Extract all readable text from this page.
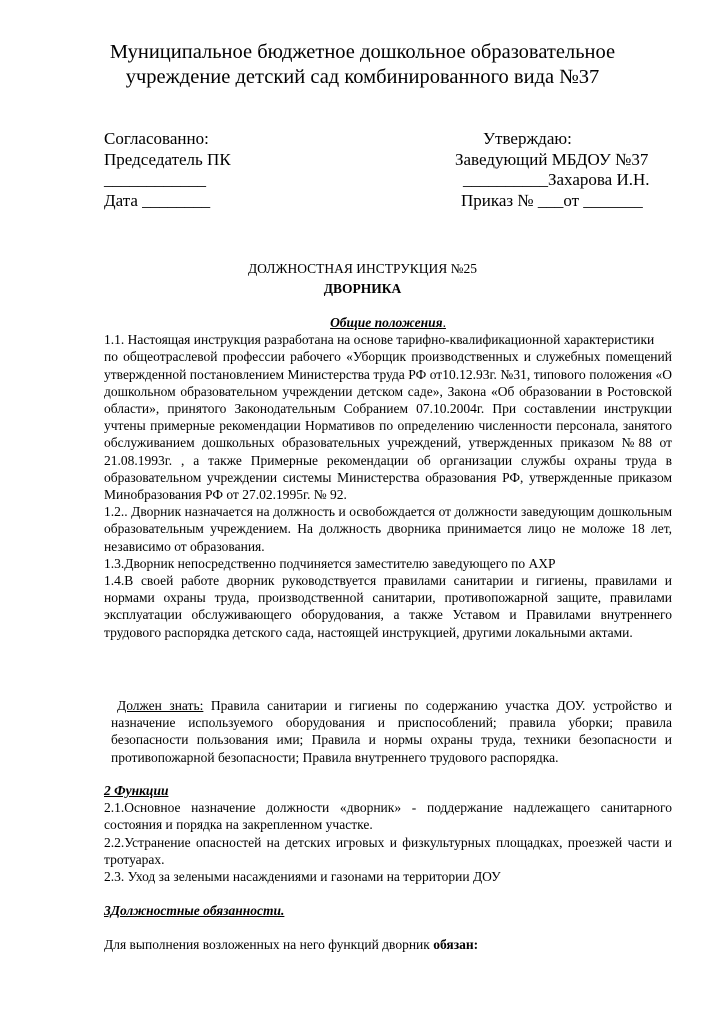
Муниципальное бюджетное дошкольное образовательное
учреждение детский сад комбинированного вида №37
Согласованно:
Председатель ПК
____________
Дата ________
Утверждаю:
Заведующий МБДОУ №37
__________Захарова И.Н.
Приказ № ___от _______
ДОЛЖНОСТНАЯ ИНСТРУКЦИЯ №25
ДВОРНИКА

Общие положения.

1.1. Настоящая инструкция разработана на основе тарифно-квалификационной характеристики

по общеотраслевой профессии рабочего «Уборщик производственных и служебных помещений утвержденной постановлением Министерства труда РФ от10.12.93г. №31, типового положения «О дошкольном образовательном учреждении детском саде», Закона «Об образовании в Ростовской области», принятого Законодательным Собранием 07.10.2004г. При составлении инструкции учтены примерные рекомендации Нормативов по определению численности персонала, занятого обслуживанием дошкольных образовательных учреждений, утвержденных приказом №88 от 21.08.1993г. , а также Примерные рекомендации об организации службы охраны труда в образовательном учреждении системы Министерства образования РФ, утвержденные приказом Минобразования РФ от 27.02.1995г. № 92.

1.2.. Дворник назначается на должность и освобождается от должности заведующим дошкольным образовательным учреждением. На должность дворника принимается лицо не моложе 18 лет, независимо от образования.

1.3.Дворник непосредственно подчиняется заместителю заведующего по АХР

1.4.В своей работе дворник руководствуется правилами санитарии и гигиены, правилами и нормами охраны труда, производственной санитарии, противопожарной защите, правилами эксплуатации обслуживающего оборудования, а также Уставом и Правилами внутреннего трудового распорядка детского сада, настоящей инструкцией, другими локальными актами.

Должен знать: Правила санитарии и гигиены по содержанию участка ДОУ. устройство и назначение используемого оборудования и приспособлений; правила уборки; правила безопасности пользования ими; Правила и нормы охраны труда, техники безопасности и противопожарной безопасности; Правила внутреннего трудового распорядка.

2 Функции

2.1.Основное назначение должности «дворник» - поддержание надлежащего санитарного состояния и порядка на закрепленном участке.

2.2.Устранение опасностей на детских игровых и физкультурных площадках, проезжей части и тротуарах.

2.3. Уход за зелеными насаждениями и газонами на территории ДОУ

3Должностные обязанности.

Для выполнения возложенных на него функций дворник обязан:
